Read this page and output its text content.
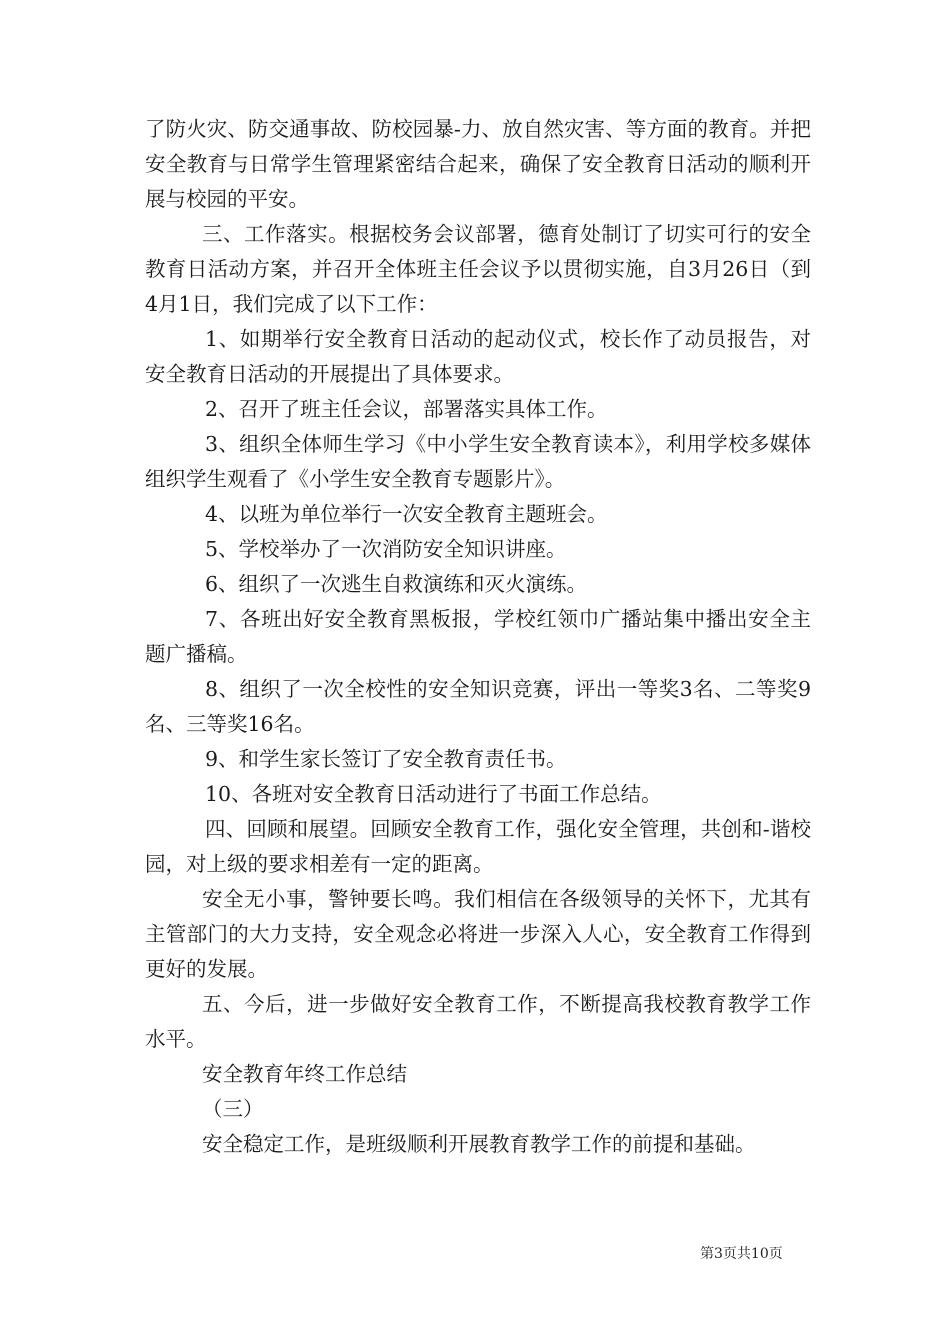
了防火灾、防交通事故、防校园暴-力、放自然灾害、等方面的教育。并把安全教育与日常学生管理紧密结合起来，确保了安全教育日活动的顺利开展与校园的平安。

三、工作落实。根据校务会议部署，德育处制订了切实可行的安全教育日活动方案，并召开全体班主任会议予以贯彻实施，自3月26日（到4月1日，我们完成了以下工作：

1、如期举行安全教育日活动的起动仪式，校长作了动员报告，对安全教育日活动的开展提出了具体要求。

2、召开了班主任会议，部署落实具体工作。

3、组织全体师生学习《中小学生安全教育读本》，利用学校多媒体组织学生观看了《小学生安全教育专题影片》。

4、以班为单位举行一次安全教育主题班会。

5、学校举办了一次消防安全知识讲座。

6、组织了一次逃生自救演练和灭火演练。

7、各班出好安全教育黑板报，学校红领巾广播站集中播出安全主题广播稿。

8、组织了一次全校性的安全知识竞赛，评出一等奖3名、二等奖9名、三等奖16名。

9、和学生家长签订了安全教育责任书。

10、各班对安全教育日活动进行了书面工作总结。

四、回顾和展望。回顾安全教育工作，强化安全管理，共创和-谐校园，对上级的要求相差有一定的距离。

安全无小事，警钟要长鸣。我们相信在各级领导的关怀下，尤其有主管部门的大力支持，安全观念必将进一步深入人心，安全教育工作得到更好的发展。

五、今后，进一步做好安全教育工作，不断提高我校教育教学工作水平。

安全教育年终工作总结

（三）

安全稳定工作，是班级顺利开展教育教学工作的前提和基础。

第3页共10页
